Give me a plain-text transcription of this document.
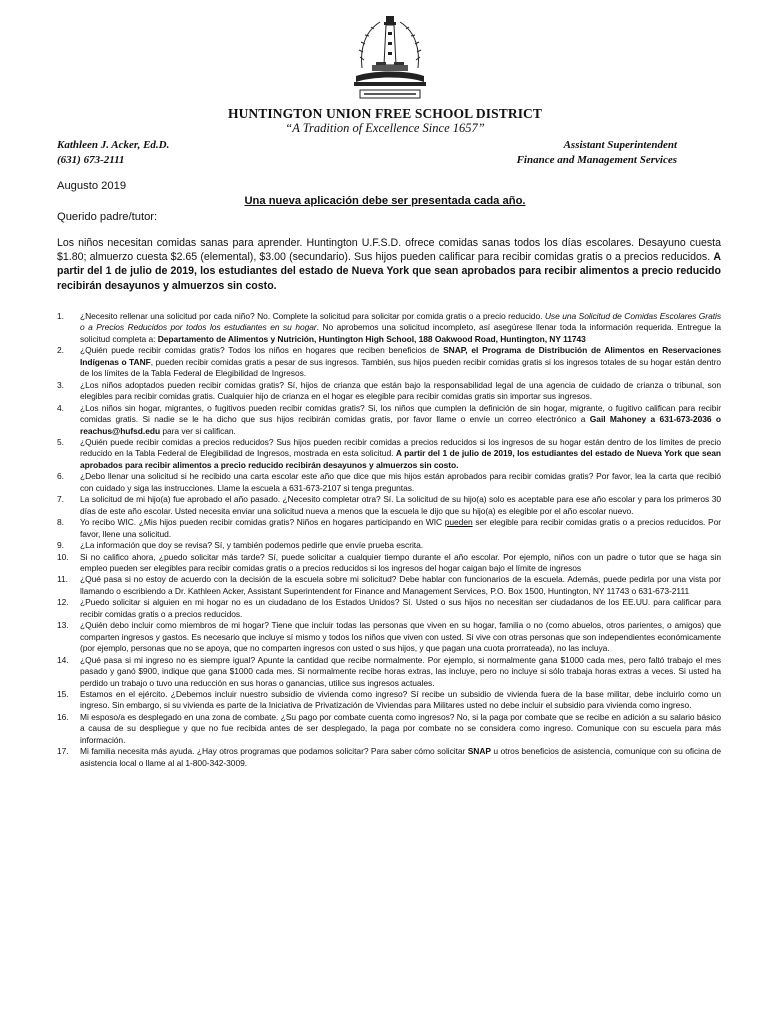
HUNTINGTON UNION FREE SCHOOL DISTRICT
“A Tradition of Excellence Since 1657”
Kathleen J. Acker, Ed.D.
(631) 673-2111
Assistant Superintendent
Finance and Management Services
Augusto 2019
Una nueva aplicación debe ser presentada cada año.
Querido padre/tutor:
Los niños necesitan comidas sanas para aprender. Huntington U.F.S.D. ofrece comidas sanas todos los días escolares. Desayuno cuesta $1.80; almuerzo cuesta $2.65 (elemental), $3.00 (secundario). Sus hijos pueden calificar para recibir comidas gratis o a precios reducidos. A partir del 1 de julio de 2019, los estudiantes del estado de Nueva York que sean aprobados para recibir alimentos a precio reducido recibirán desayunos y almuerzos sin costo.
1. ¿Necesito rellenar una solicitud por cada niño? No. Complete la solicitud para solicitar por comida gratis o a precio reducido. Use una Solicitud de Comidas Escolares Gratis o a Precios Reducidos por todos los estudiantes en su hogar. No aprobemos una solicitud incompleto, así asegúrese llenar toda la información requerida. Entregue la solicitud completa a: Departamento de Alimentos y Nutrición, Huntington High School, 188 Oakwood Road, Huntington, NY 11743
2. ¿Quién puede recibir comidas gratis? Todos los niños en hogares que reciben beneficios de SNAP, el Programa de Distribución de Alimentos en Reservaciones Indígenas o TANF, pueden recibir comidas gratis a pesar de sus ingresos. También, sus hijos pueden recibir comidas gratis si los ingresos totales de su hogar están dentro de los límites de la Tabla Federal de Elegibilidad de Ingresos.
3. ¿Los niños adoptados pueden recibir comidas gratis? Sí, hijos de crianza que están bajo la responsabilidad legal de una agencia de cuidado de crianza o tribunal, son elegibles para recibir comidas gratis. Cualquier hijo de crianza en el hogar es elegible para recibir comidas gratis sin importar sus ingresos.
4. ¿Los niños sin hogar, migrantes, o fugitivos pueden recibir comidas gratis? Si, los niños que cumplen la definición de sin hogar, migrante, o fugitivo califican para recibir comidas gratis. Si nadie se le ha dicho que sus hijos recibirán comidas gratis, por favor llame o envíe un correo electrónico a Gail Mahoney a 631-673-2036 o reachus@hufsd.edu para ver si califican.
5. ¿Quién puede recibir comidas a precios reducidos? Sus hijos pueden recibir comidas a precios reducidos si los ingresos de su hogar están dentro de los límites de precio reducido en la Tabla Federal de Elegibilidad de Ingresos, mostrada en esta solicitud. A partir del 1 de julio de 2019, los estudiantes del estado de Nueva York que sean aprobados para recibir alimentos a precio reducido recibirán desayunos y almuerzos sin costo.
6. ¿Debo llenar una solicitud si he recibido una carta escolar este año que dice que mis hijos están aprobados para recibir comidas gratis? Por favor, lea la carta que recibió con cuidado y siga las instrucciones. Llame la escuela a 631-673-2107 si tenga preguntas.
7. La solicitud de mi hijo(a) fue aprobado el año pasado. ¿Necesito completar otra? Sí. La solicitud de su hijo(a) solo es aceptable para ese año escolar y para los primeros 30 días de este año escolar. Usted necesita enviar una solicitud nueva a menos que la escuela le dijo que su hijo(a) es elegible por el año escolar nuevo.
8. Yo recibo WIC. ¿Mis hijos pueden recibir comidas gratis? Niños en hogares participando en WIC pueden ser elegible para recibir comidas gratis o a precios reducidos. Por favor, llene una solicitud.
9. ¿La información que doy se revisa? Sí, y también podemos pedirle que envíe prueba escrita.
10. Si no califico ahora, ¿puedo solicitar más tarde? Sí, puede solicitar a cualquier tiempo durante el año escolar. Por ejemplo, niños con un padre o tutor que se haga sin empleo pueden ser elegibles para recibir comidas gratis o a precios reducidos si los ingresos del hogar caigan bajo el límite de ingresos
11. ¿Qué pasa si no estoy de acuerdo con la decisión de la escuela sobre mi solicitud? Debe hablar con funcionarios de la escuela. Además, puede pedirla por una vista por llamando o escribiendo a Dr. Kathleen Acker, Assistant Superintendent for Finance and Management Services, P.O. Box 1500, Huntington, NY 11743 o 631-673-2111
12. ¿Puedo solicitar si alguien en mi hogar no es un ciudadano de los Estados Unidos? Sí. Usted o sus hijos no necesitan ser ciudadanos de los EE.UU. para calificar para recibir comidas gratis o a precios reducidos.
13. ¿Quién debo incluir como miembros de mi hogar? Tiene que incluir todas las personas que viven en su hogar, familia o no (como abuelos, otros parientes, o amigos) que comparten ingresos y gastos. Es necesario que incluye sí mismo y todos los niños que viven con usted. Si vive con otras personas que son independientes económicamente (por ejemplo, personas que no se apoya, que no comparten ingresos con usted o sus hijos, y que pagan una cuota prorrateada), no las incluya.
14. ¿Qué pasa si mi ingreso no es siempre igual? Apunte la cantidad que recibe normalmente. Por ejemplo, si normalmente gana $1000 cada mes, pero faltó trabajo el mes pasado y ganó $900, indique que gana $1000 cada mes. Si normalmente recibe horas extras, las incluye, pero no incluye si sólo trabaja horas extras a veces. Si usted ha perdido un trabajo o tuvo una reducción en sus horas o ganancias, utilice sus ingresos actuales.
15. Estamos en el ejército. ¿Debemos incluir nuestro subsidio de vivienda como ingreso? Sí recibe un subsidio de vivienda fuera de la base militar, debe incluirlo como un ingreso. Sin embargo, si su vivienda es parte de la Iniciativa de Privatización de Viviendas para Militares usted no debe incluir el subsidio para vivienda como ingreso.
16. Mi esposo/a es desplegado en una zona de combate. ¿Su pago por combate cuenta como ingresos? No, si la paga por combate que se recibe en adición a su salario básico a causa de su despliegue y que no fue recibida antes de ser desplegado, la paga por combate no se considera como ingreso. Comunique con su escuela para más información.
17. Mi familia necesita más ayuda. ¿Hay otros programas que podamos solicitar? Para saber cómo solicitar SNAP u otros beneficios de asistencia, comunique con su oficina de asistencia local o llame al al 1-800-342-3009.
